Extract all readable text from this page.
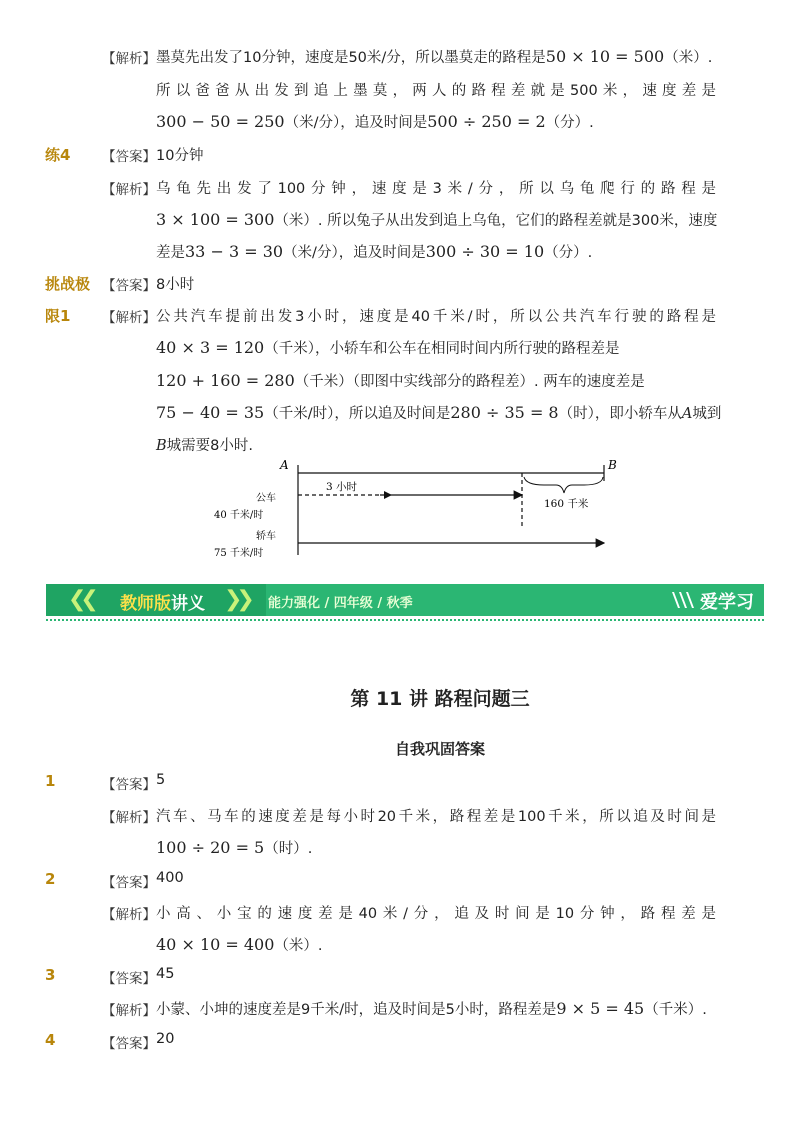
【解析】 墨莫先出发了10分钟，速度是50米/分，所以墨莫走的路程是50 × 10 = 500（米）.
所以爸爸从出发到追上墨莫，两人的路程差就是500米，速度差是
300 − 50 = 250（米/分），追及时间是500 ÷ 250 = 2（分）.
练4 【答案】 10分钟
【解析】 乌龟先出发了100分钟，速度是3米/分，所以乌龟爬行的路程是
3 × 100 = 300（米）. 所以兔子从出发到追上乌龟，它们的路程差就是300米，速度
差是33 − 3 = 30（米/分），追及时间是300 ÷ 30 = 10（分）.
挑战极 【答案】 8小时
限1 【解析】 公共汽车提前出发3小时，速度是40千米/时，所以公共汽车行驶的路程是
40 × 3 = 120（千米），小轿车和公车在相同时间内所行驶的路程差是
120 + 160 = 280（千米）（即图中实线部分的路程差）. 两车的速度差是
75 − 40 = 35（千米/时），所以追及时间是280 ÷ 35 = 8（时），即小轿车从A城到
B城需要8小时.
A	B
3 小时
160 千米
公车
40 千米/时
轿车
75 千米/时
❮❮ 教师版讲义 ❯❯ 能力强化 / 四年级 / 秋季	爱学习
第 11 讲 路程问题三
自我巩固答案
1	【答案】 5
【解析】 汽车、马车的速度差是每小时20千米，路程差是100千米，所以追及时间是
100 ÷ 20 = 5（时）.
2	【答案】 400
【解析】 小高、小宝的速度差是40米/分，追及时间是10分钟，路程差是
40 × 10 = 400（米）.
3	【答案】 45
【解析】 小蒙、小坤的速度差是9千米/时，追及时间是5小时，路程差是9 × 5 = 45（千米）.
4	【答案】 20
